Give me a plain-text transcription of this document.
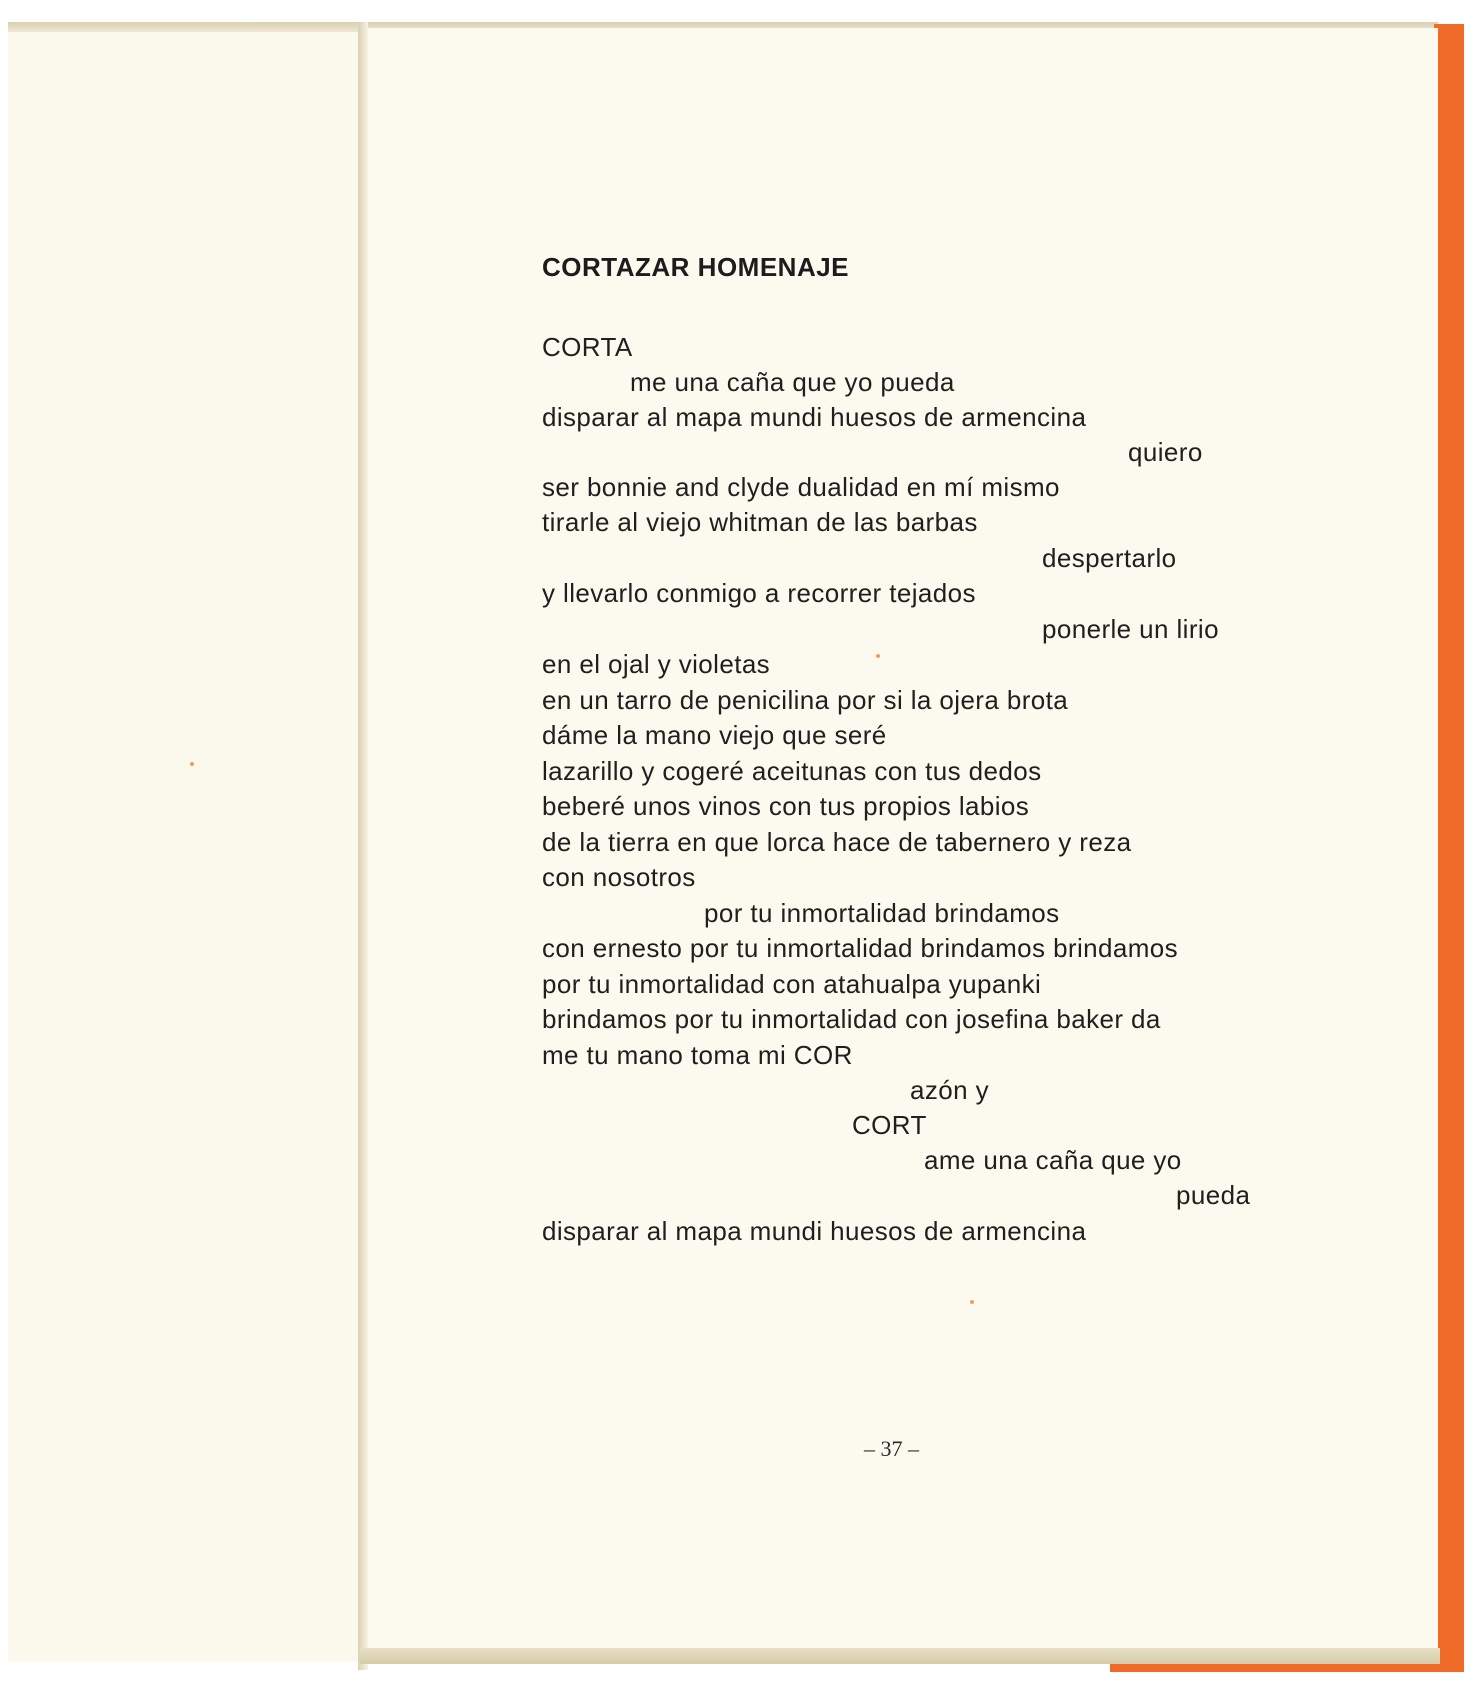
CORTAZAR HOMENAJE
CORTA
me una caña que yo pueda
disparar al mapa mundi huesos de armencina
quiero
ser bonnie and clyde dualidad en mí mismo
tirarle al viejo whitman de las barbas
despertarlo
y llevarlo conmigo a recorrer tejados
ponerle un lirio
en el ojal y violetas
en un tarro de penicilina por si la ojera brota
dáme la mano viejo que seré
lazarillo y cogeré aceitunas con tus dedos
beberé unos vinos con tus propios labios
de la tierra en que lorca hace de tabernero y reza
con nosotros
por tu inmortalidad brindamos
con ernesto por tu inmortalidad brindamos brindamos
por tu inmortalidad con atahualpa yupanki
brindamos por tu inmortalidad con josefina baker da
me tu mano toma mi COR
azón y
CORT
ame una caña que yo
pueda
disparar al mapa mundi huesos de armencina
– 37 –
